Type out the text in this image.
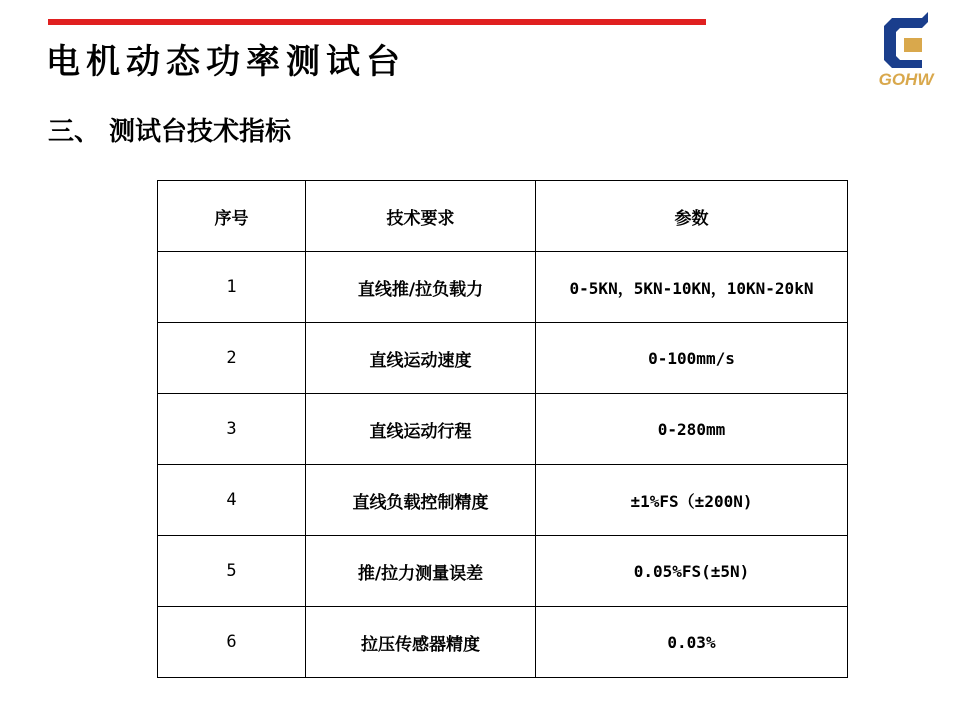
电机动态功率测试台
三、 测试台技术指标
GOHW
序号	技术要求	参数
1	直线推/拉负载力	0-5KN，5KN-10KN，10KN-20kN
2	直线运动速度	0-100mm/s
3	直线运动行程	0-280mm
4	直线负载控制精度	±1%FS（±200N)
5	推/拉力测量误差	0.05%FS(±5N)
6	拉压传感器精度	0.03%
